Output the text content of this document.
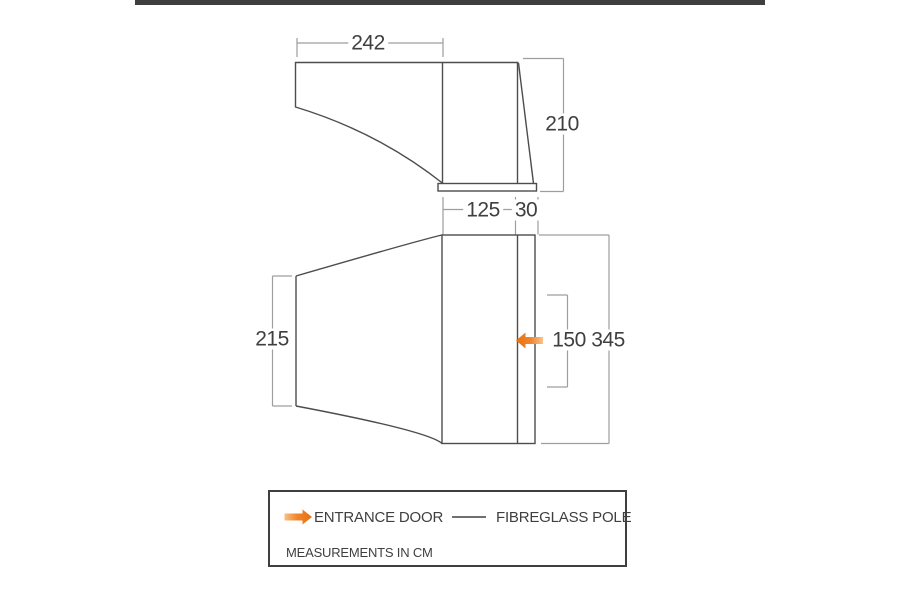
242
210
125 30
215	150 345
ENTRANCE DOOR	FIBREGLASS POLE
MEASUREMENTS IN CM
